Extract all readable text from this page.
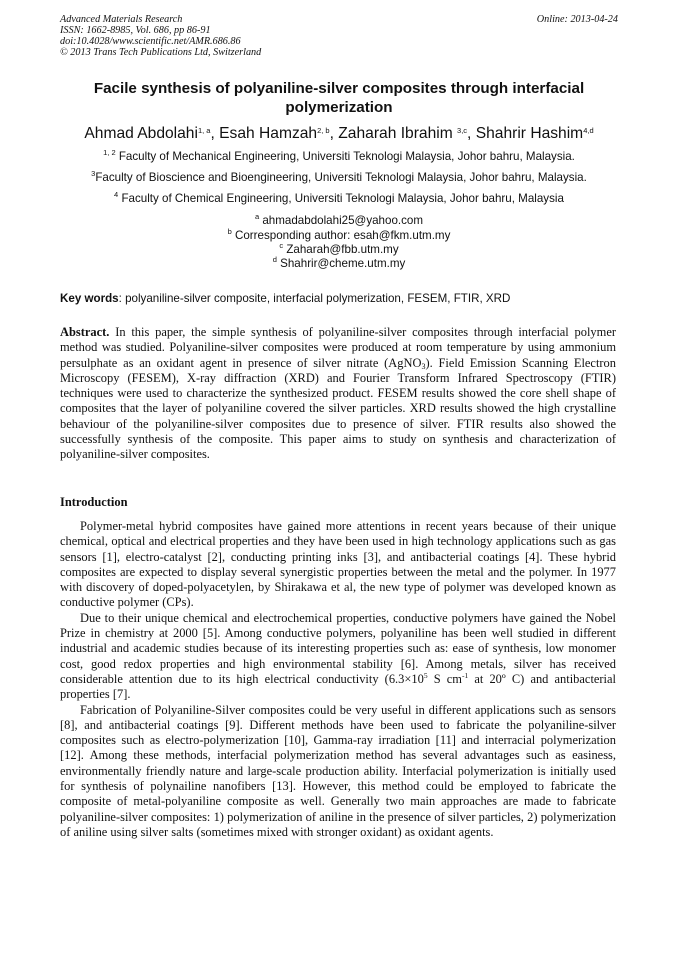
Advanced Materials Research
ISSN: 1662-8985, Vol. 686, pp 86-91
doi:10.4028/www.scientific.net/AMR.686.86
© 2013 Trans Tech Publications Ltd, Switzerland
Online: 2013-04-24
Facile synthesis of polyaniline-silver composites through interfacial polymerization
Ahmad Abdolahi$^{1, a}$, Esah Hamzah$^{2, b}$, Zaharah Ibrahim $^{3,c}$, Shahrir Hashim$^{4,d}$
$^{1, 2}$ Faculty of Mechanical Engineering, Universiti Teknologi Malaysia, Johor bahru, Malaysia.
$^3$Faculty of Bioscience and Bioengineering, Universiti Teknologi Malaysia, Johor bahru, Malaysia.
$^4$ Faculty of Chemical Engineering, Universiti Teknologi Malaysia, Johor bahru, Malaysia
$^a$ ahmadabdolahi25@yahoo.com
$^b$ Corresponding author: esah@fkm.utm.my
$^c$ Zaharah@fbb.utm.my
$^d$ Shahrir@cheme.utm.my
Key words: polyaniline-silver composite, interfacial polymerization, FESEM, FTIR, XRD
Abstract. In this paper, the simple synthesis of polyaniline-silver composites through interfacial polymer method was studied. Polyaniline-silver composites were produced at room temperature by using ammonium persulphate as an oxidant agent in presence of silver nitrate (AgNO$_3$). Field Emission Scanning Electron Microscopy (FESEM), X-ray diffraction (XRD) and Fourier Transform Infrared Spectroscopy (FTIR) techniques were used to characterize the synthesized product. FESEM results showed the core shell shape of composites that the layer of polyaniline covered the silver particles. XRD results showed the high crystalline behaviour of the polyaniline-silver composites due to presence of silver. FTIR results also showed the successfully synthesis of the composite. This paper aims to study on synthesis and characterization of polyaniline-silver composites.
Introduction

Polymer-metal hybrid composites have gained more attentions in recent years because of their unique chemical, optical and electrical properties and they have been used in high technology applications such as gas sensors [1], electro-catalyst [2], conducting printing inks [3], and antibacterial coatings [4]. These hybrid composites are expected to display several synergistic properties between the metal and the polymer. In 1977 with discovery of doped-polyacetylen, by Shirakawa et al, the new type of polymer was developed known as conductive polymer (CPs).

Due to their unique chemical and electrochemical properties, conductive polymers have gained the Nobel Prize in chemistry at 2000 [5]. Among conductive polymers, polyaniline has been well studied in different industrial and academic studies because of its interesting properties such as: ease of synthesis, low monomer cost, good redox properties and high environmental stability [6]. Among metals, silver has received considerable attention due to its high electrical conductivity ($6.3\times 10^5$ S $cm^{-1}$ at 20º C) and antibacterial properties [7].

Fabrication of Polyaniline-Silver composites could be very useful in different applications such as sensors [8], and antibacterial coatings [9]. Different methods have been used to fabricate the polyaniline-silver composites such as electro-polymerization [10], Gamma-ray irradiation [11] and interracial polymerization [12]. Among these methods, interfacial polymerization method has several advantages such as easiness, environmentally friendly nature and large-scale production ability. Interfacial polymerization is initially used for synthesis of polynailine nanofibers [13]. However, this method could be employed to fabricate the composite of metal-polyaniline composite as well. Generally two main approaches are made to fabricate polyaniline-silver composites: 1) polymerization of aniline in the presence of silver particles, 2) polymerization of aniline using silver salts (sometimes mixed with stronger oxidant) as oxidant agents.
